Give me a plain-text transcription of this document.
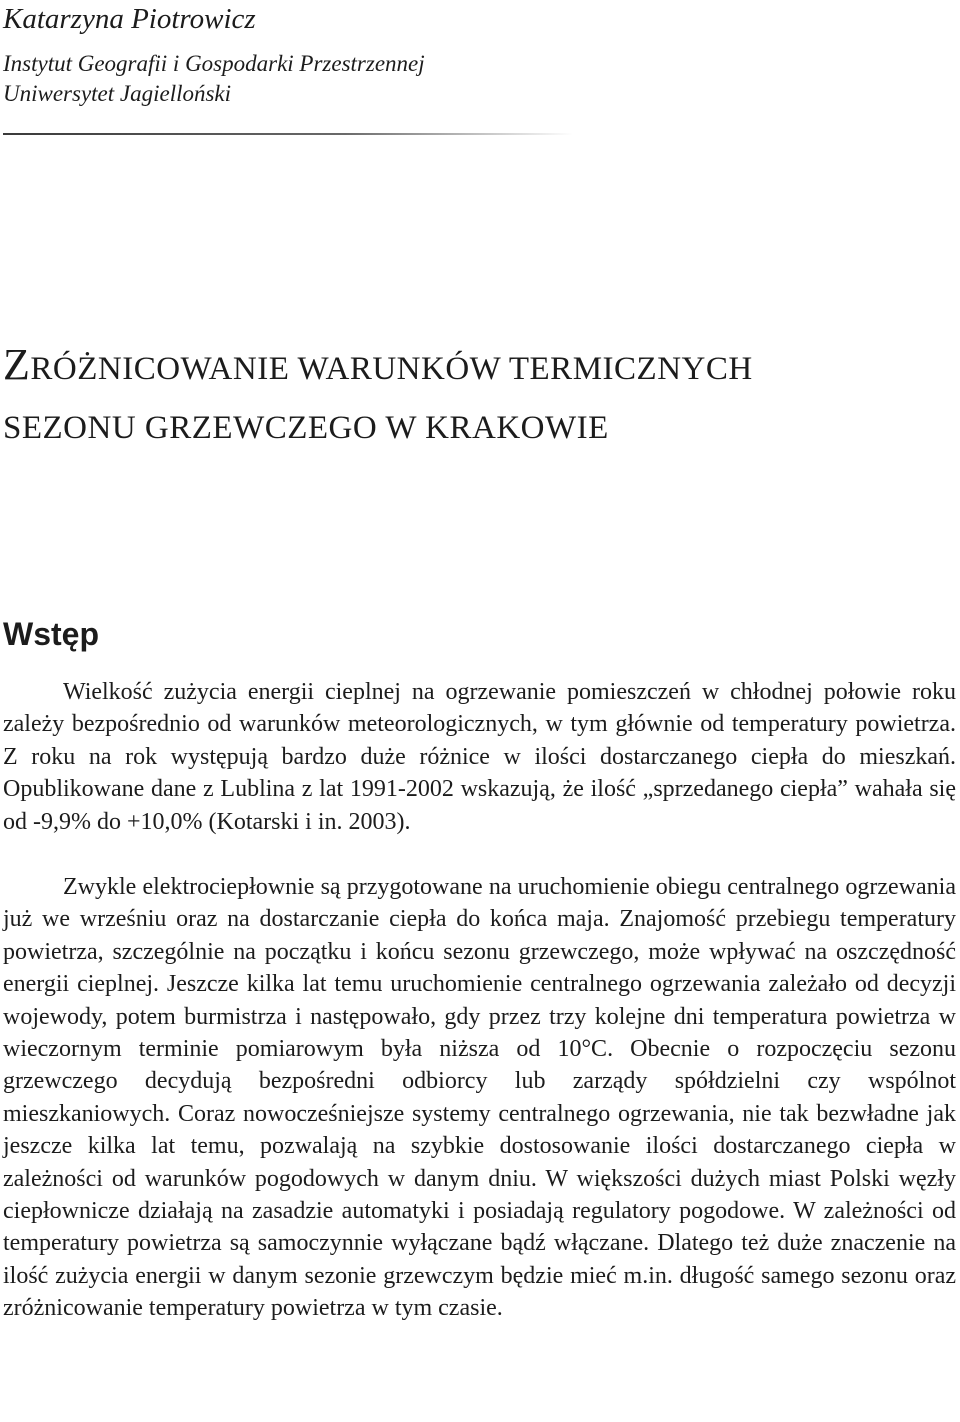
Katarzyna Piotrowicz
Instytut Geografii i Gospodarki Przestrzennej
Uniwersytet Jagielloński
ZRÓŻNICOWANIE WARUNKÓW TERMICZNYCH
SEZONU GRZEWCZEGO W KRAKOWIE
Wstęp
Wielkość zużycia energii cieplnej na ogrzewanie pomieszczeń w chłodnej połowie roku zależy bezpośrednio od warunków meteorologicznych, w tym głównie od temperatury powietrza. Z roku na rok występują bardzo duże różnice w ilości dostarczanego ciepła do mieszkań. Opublikowane dane z Lublina z lat 1991-2002 wskazują, że ilość „sprzedanego ciepła” wahała się od -9,9% do +10,0% (Kotarski i in. 2003).
Zwykle elektrociepłownie są przygotowane na uruchomienie obiegu centralnego ogrzewania już we wrześniu oraz na dostarczanie ciepła do końca maja. Znajomość przebiegu temperatury powietrza, szczególnie na początku i końcu sezonu grzewczego, może wpływać na oszczędność energii cieplnej. Jeszcze kilka lat temu uruchomienie centralnego ogrzewania zależało od decyzji wojewody, potem burmistrza i następowało, gdy przez trzy kolejne dni temperatura powietrza w wieczornym terminie pomiarowym była niższa od 10°C. Obecnie o rozpoczęciu sezonu grzewczego decydują bezpośredni odbiorcy lub zarządy spółdzielni czy wspólnot mieszkaniowych. Coraz nowocześniejsze systemy centralnego ogrzewania, nie tak bezwładne jak jeszcze kilka lat temu, pozwalają na szybkie dostosowanie ilości dostarczanego ciepła w zależności od warunków pogodowych w danym dniu. W większości dużych miast Polski węzły ciepłownicze działają na zasadzie automatyki i posiadają regulatory pogodowe. W zależności od temperatury powietrza są samoczynnie wyłączane bądź włączane. Dlatego też duże znaczenie na ilość zużycia energii w danym sezonie grzewczym będzie mieć m.in. długość samego sezonu oraz zróżnicowanie temperatury powietrza w tym czasie.
